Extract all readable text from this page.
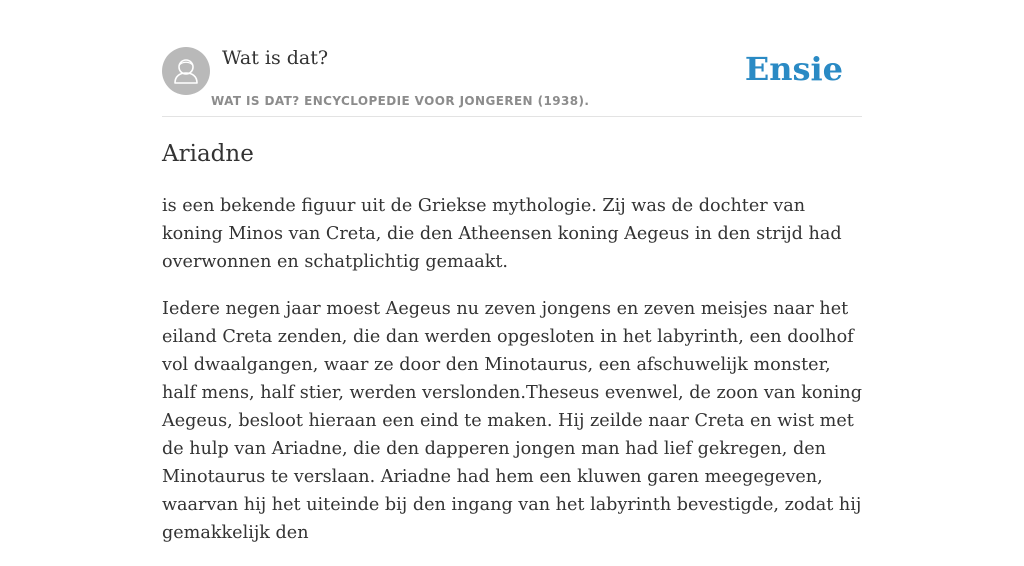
Wat is dat?
WAT IS DAT? ENCYCLOPEDIE VOOR JONGEREN (1938).
Ensie
Ariadne

is een bekende figuur uit de Griekse mythologie. Zij was de dochter van koning Minos van Creta, die den Atheensen koning Aegeus in den strijd had overwonnen en schatplichtig gemaakt.

Iedere negen jaar moest Aegeus nu zeven jongens en zeven meisjes naar het eiland Creta zenden, die dan werden opgesloten in het labyrinth, een doolhof vol dwaalgangen, waar ze door den Minotaurus, een afschuwelijk monster, half mens, half stier, werden verslonden.Theseus evenwel, de zoon van koning Aegeus, besloot hieraan een eind te maken. Hij zeilde naar Creta en wist met de hulp van Ariadne, die den dapperen jongen man had lief gekregen, den Minotaurus te verslaan. Ariadne had hem een kluwen garen meegegeven, waarvan hij het uiteinde bij den ingang van het labyrinth bevestigde, zodat hij gemakkelijk den
